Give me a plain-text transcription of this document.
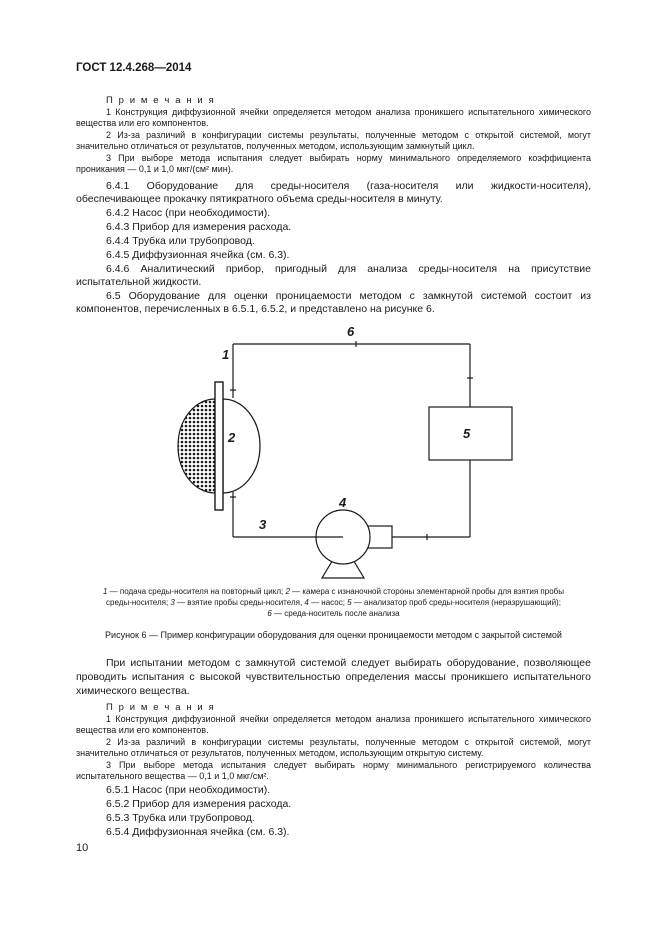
ГОСТ 12.4.268—2014
П р и м е ч а н и я

1 Конструкция диффузионной ячейки определяется методом анализа проникшего испытательного химического вещества или его компонентов.

2 Из-за различий в конфигурации системы результаты, полученные методом с открытой системой, могут значительно отличаться от результатов, полученных методом, использующим замкнутый цикл.

3 При выборе метода испытания следует выбирать норму минимального определяемого коэффициента проникания — 0,1 и 1,0 мкг/(см² мин).

6.4.1 Оборудование для среды-носителя (газа-носителя или жидкости-носителя), обеспечивающее прокачку пятикратного объема среды-носителя в минуту.

6.4.2 Насос (при необходимости).

6.4.3 Прибор для измерения расхода.

6.4.4 Трубка или трубопровод.

6.4.5 Диффузионная ячейка (см. 6.3).

6.4.6 Аналитический прибор, пригодный для анализа среды-носителя на присутствие испытательной жидкости.

6.5 Оборудование для оценки проницаемости методом с замкнутой системой состоит из компонентов, перечисленных в 6.5.1, 6.5.2, и представлено на рисунке 6.

1
2
3
4
5
6
1 — подача среды-носителя на повторный цикл; 2 — камера с изнаночной стороны элементарной пробы для взятия пробы
среды-носителя; 3 — взятие пробы среды-носителя, 4 — насос; 5 — анализатор проб среды-носителя (неразрушающий);
6 — среда-носитель после анализа
Рисунок 6 — Пример конфигурации оборудования для оценки проницаемости методом с закрытой системой

При испытании методом с замкнутой системой следует выбирать оборудование, позволяющее проводить испытания с высокой чувствительностью определения массы проникшего испытательного химического вещества.

П р и м е ч а н и я

1 Конструкция диффузионной ячейки определяется методом анализа проникшего испытательного химического вещества или его компонентов.

2 Из-за различий в конфигурации системы результаты, полученные методом с открытой системой, могут значительно отличаться от результатов, полученных методом, использующим открытую систему.

3 При выборе метода испытания следует выбирать норму минимального регистрируемого количества испытательного вещества — 0,1 и 1,0 мкг/см².

6.5.1 Насос (при необходимости).

6.5.2 Прибор для измерения расхода.

6.5.3 Трубка или трубопровод.

6.5.4 Диффузионная ячейка (см. 6.3).

10
